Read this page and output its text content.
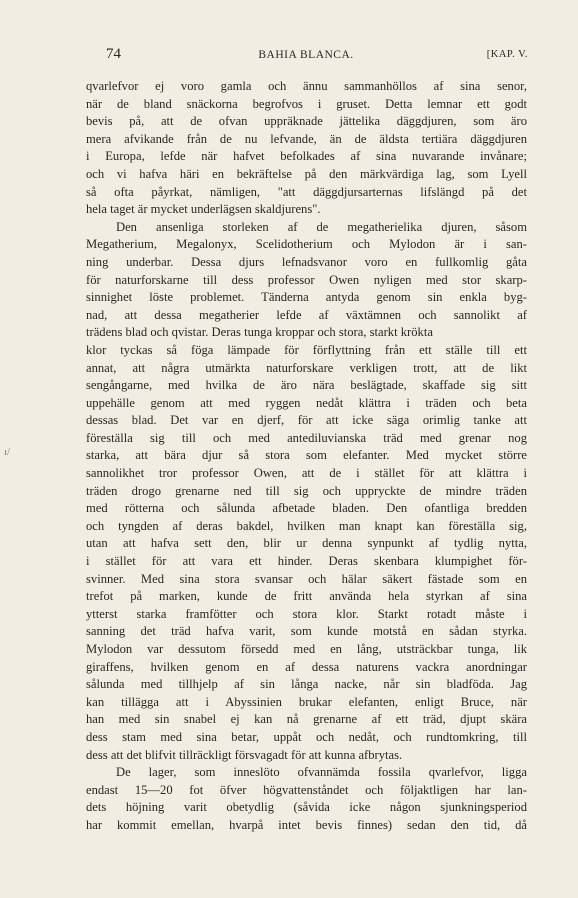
74	BAHIA BLANCA.	[KAP. V.
ı/
qvarlefvor ej voro gamla och ännu sammanhöllos af sina senor,
när de bland snäckorna begrofvos i gruset. Detta lemnar ett godt
bevis på, att de ofvan uppräknade jättelika däggdjuren, som äro
mera afvikande från de nu lefvande, än de äldsta tertiära däggdjuren
i Europa, lefde när hafvet befolkades af sina nuvarande invånare;
och vi hafva häri en bekräftelse på den märkvärdiga lag, som Lyell
så ofta påyrkat, nämligen, "att däggdjursarternas lifslängd på det
hela taget är mycket underlägsen skaldjurens".
Den ansenliga storleken af de megatherielika djuren, såsom
Megatherium, Megalonyx, Scelidotherium och Mylodon är i san-
ning underbar. Dessa djurs lefnadsvanor voro en fullkomlig gåta
för naturforskarne till dess professor Owen nyligen med stor skarp-
sinnighet löste problemet. Tänderna antyda genom sin enkla byg-
nad, att dessa megatherier lefde af växtämnen och sannolikt af
trädens blad och qvistar. Deras tunga kroppar och stora, starkt krökta
klor tyckas så föga lämpade för förflyttning från ett ställe till ett
annat, att några utmärkta naturforskare verkligen trott, att de likt
sengångarne, med hvilka de äro nära beslägtade, skaffade sig sitt
uppehälle genom att med ryggen nedåt klättra i träden och beta
dessas blad. Det var en djerf, för att icke säga orimlig tanke att
föreställa sig till och med antediluvianska träd med grenar nog
starka, att bära djur så stora som elefanter. Med mycket större
sannolikhet tror professor Owen, att de i stället för att klättra i
träden drogo grenarne ned till sig och uppryckte de mindre träden
med rötterna och sålunda afbetade bladen. Den ofantliga bredden
och tyngden af deras bakdel, hvilken man knapt kan föreställa sig,
utan att hafva sett den, blir ur denna synpunkt af tydlig nytta,
i stället för att vara ett hinder. Deras skenbara klumpighet för-
svinner. Med sina stora svansar och hälar säkert fästade som en
trefot på marken, kunde de fritt använda hela styrkan af sina
ytterst starka framfötter och stora klor. Starkt rotadt måste i
sanning det träd hafva varit, som kunde motstå en sådan styrka.
Mylodon var dessutom försedd med en lång, utsträckbar tunga, lik
giraffens, hvilken genom en af dessa naturens vackra anordningar
sålunda med tillhjelp af sin långa nacke, når sin bladföda. Jag
kan tillägga att i Abyssinien brukar elefanten, enligt Bruce, när
han med sin snabel ej kan nå grenarne af ett träd, djupt skära
dess stam med sina betar, uppåt och nedåt, och rundtomkring, till
dess att det blifvit tillräckligt försvagadt för att kunna afbrytas.
De lager, som inneslöto ofvannämda fossila qvarlefvor, ligga
endast 15—20 fot öfver högvattenståndet och följaktligen har lan-
dets höjning varit obetydlig (såvida icke någon sjunkningsperiod
har kommit emellan, hvarpå intet bevis finnes) sedan den tid, då
